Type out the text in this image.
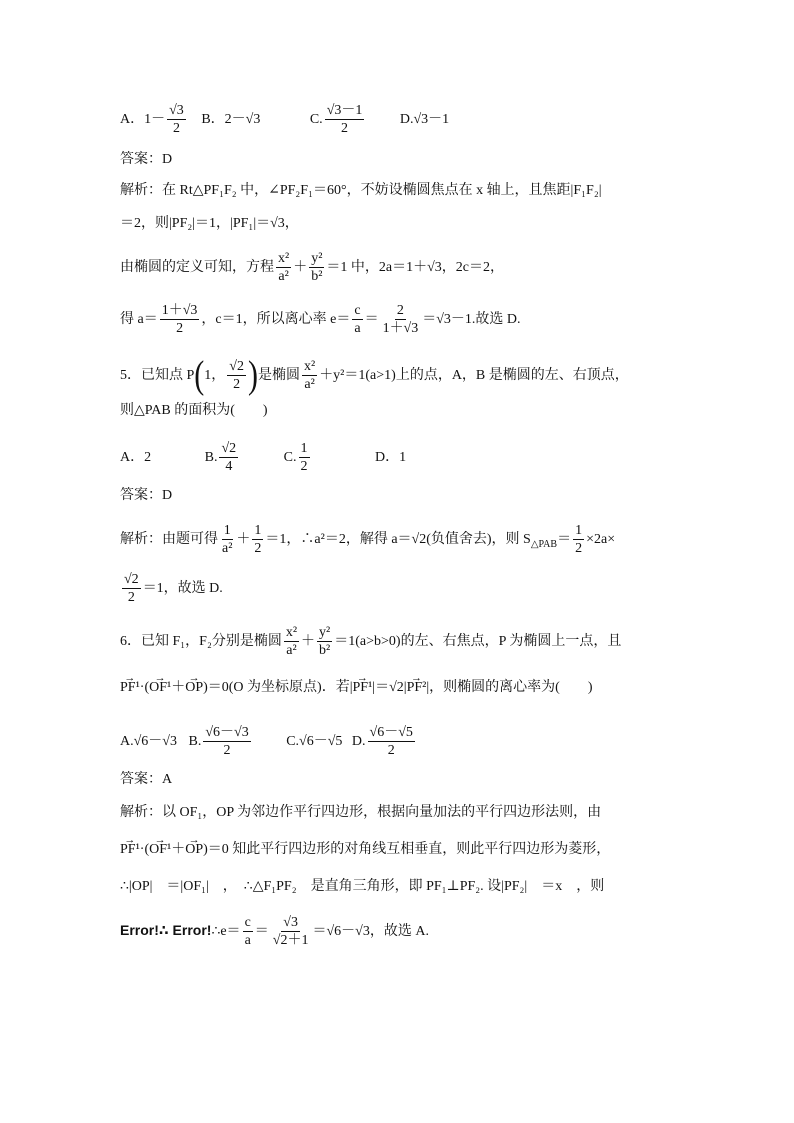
A．$1- \frac{√3}{2}$ B．2－√3	C. $\frac{√3-1}{2}$	D.√3－1
答案：D
解析：在 Rt△PF₁F₂ 中，∠PF₂F₁＝60°，不妨设椭圆焦点在 x 轴上，且焦距|F₁F₂|
＝2，则|PF₂|＝1，|PF₁|＝√3，
由椭圆的定义可知，方程 $\frac{\text{x²}}{\text{a²}} + \frac{\text{y²}}{\text{b²}} =1$ 中，2a＝1＋√3，2c＝2，
得 $a= \frac{1+√3}{2}$ ，c＝1，所以离心率 $e= \frac{c}{a} = \frac{2}{1+√3} =√3-1$.故选 D.
5．已知点 P(1， $\frac{√2}{2}$ )是椭圆 $\frac{\text{x²}}{\text{a²}} +y^2=1(a>1)$上的点，A，B 是椭圆的左、右顶点，
则△PAB 的面积为(　　)
A．2	B. $\frac{√2}{4}$	C. $\frac{1}{2}$	D．1
答案：D
解析：由题可得 $\frac{1}{\text{a²}} + \frac{1}{2} =1$，∴a²＝2，解得 a＝√2(负值舍去)，则 $S_{\triangle PAB}= \frac{1}{2} \times 2a\times$
$\frac{√2}{2} =1$，故选 D.
6．已知 F₁，F₂分别是椭圆 $\frac{\text{x²}}{\text{a²}} + \frac{\text{y²}}{\text{b²}} =1(a>b>0)$的左、右焦点，P 为椭圆上一点，且
→ PF¹·(→ OF¹＋→ OP)＝0(O 为坐标原点)．若|→ PF¹|＝√2|→ PF²|，则椭圆的离心率为(　　)
A.√6－√3 B. $\frac{√6-√3}{2}$	C.√6－√5 D. $\frac{√6-√5}{2}$
答案：A
解析：以 OF₁，OP 为邻边作平行四边形，根据向量加法的平行四边形法则，由
→ PF¹·(→ OF¹＋→ OP)＝0 知此平行四边形的对角线互相垂直，则此平行四边形为菱形，
∴|OP|　＝|OF₁|　，　∴△F₁PF₂　是直角三角形，即 PF₁⊥PF₂. 设|PF₂|　＝x　，则
Error!∴ Error!∴e＝ $\frac{c}{a} = \frac{√3}{√2+1} =√6-√3$，故选 A.
